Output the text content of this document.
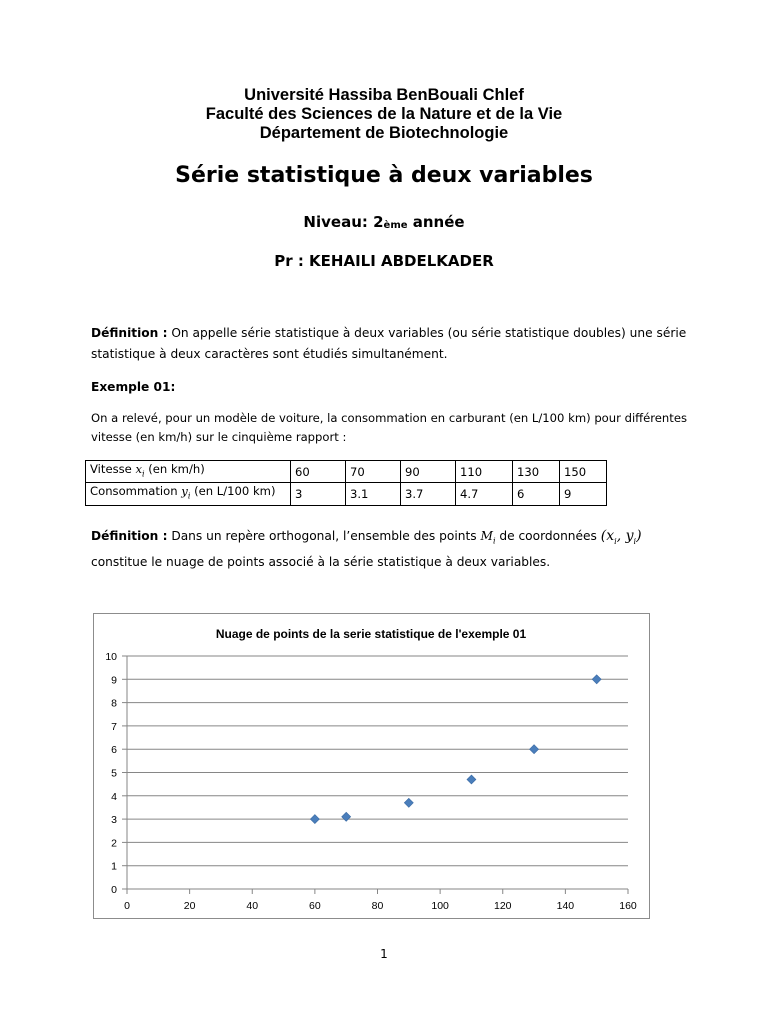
Université Hassiba BenBouali Chlef
Faculté des Sciences de la Nature et de la Vie
Département de Biotechnologie
Série statistique à deux variables
Niveau: 2ème année
Pr : KEHAILI ABDELKADER
Définition : On appelle série statistique à deux variables (ou série statistique doubles) une série statistique à deux caractères sont étudiés simultanément.
Exemple 01:
On a relevé, pour un modèle de voiture, la consommation en carburant (en L/100 km) pour différentes vitesse (en km/h) sur le cinquième rapport :
Vitesse $x_i$ (en km/h)	60	70	90	110	130	150
Consommation $y_i$ (en L/100 km)	3	3.1	3.7	4.7	6	9
Définition : Dans un repère orthogonal, l’ensemble des points $M_i$ de coordonnées ($x_i$, $y_i$)
constitue le nuage de points associé à la série statistique à deux variables.
Nuage de points de la serie statistique de l'exemple 01
0
1
2
3
4
5
6
7
8
9
10
0	20	40	60	80	100	120	140	160
1
